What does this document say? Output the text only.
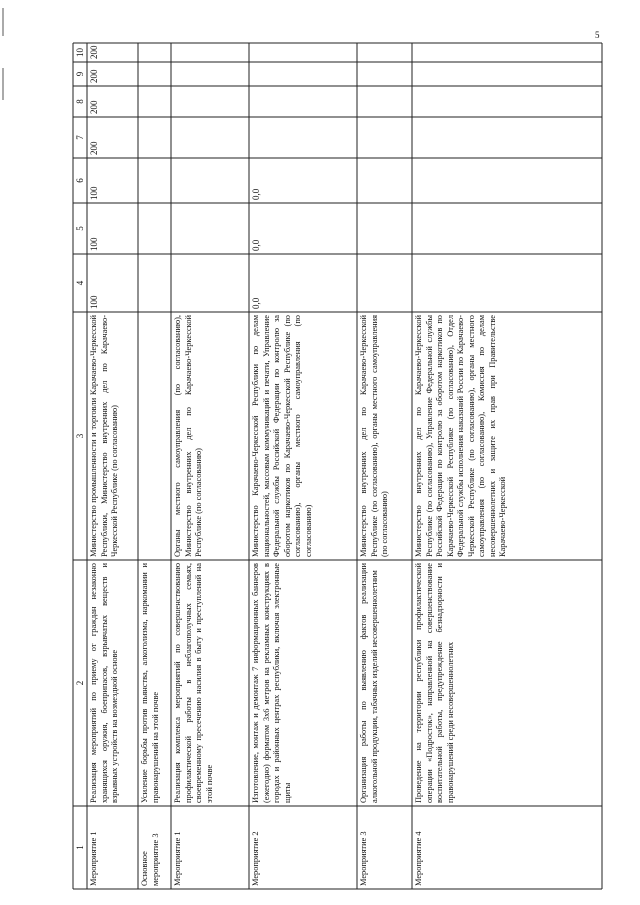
5
1
2
3
4
5
6
7
8
9
10
Мероприятие 1
Реализация мероприятий по приему от граждан незаконно хранящихся оружия, боеприпасов, взрывчатых веществ и взрывных устройств на возмездной основе
Министерство промышленности и торговли Карачаево-Черкесской Республики, Министерство внутренних дел по Карачаево-Черкесской Республике (по согласованию)
100
100
100
200
200
200
200
Основное мероприятие 3
Усиление борьбы против пьянства, алкоголизма, наркомании и правонарушений на этой почве
Мероприятие 1
Реализация комплекса мероприятий по совершенствованию профилактической работы в неблагополучных семьях, своевременному пресечению насилия в быту и преступлений на этой почве
Органы местного самоуправления (по согласованию), Министерство внутренних дел по Карачаево-Черкесской Республике (по согласованию)
Мероприятие 2
Изготовление, монтаж и демонтаж 7 информационных баннеров (ежегодно) форматом 3х6 метров на рекламных конструкциях в городах и районных центрах республики, включая электронные щиты
Министерство Карачаево-Черкесской Республики по делам национальностей, массовым коммуникаций и печати, Управление Федеральной службы Российской Федерации по контролю за оборотом наркотиков по Карачаево-Черкесской Республике (по согласованию), органы местного самоуправления (по согласованию)
0,0
0,0
0,0
Мероприятие 3
Организация работы по выявлению фактов реализации алкогольной продукции, табачных изделий несовершеннолетним
Министерство внутренних дел по Карачаево-Черкесской Республике (по согласованию), органы местного самоуправления (по согласованию)
Мероприятие 4
Проведение на территории республики профилактической операции «Подросток», направленной на совершенствование воспитательной работы, предупреждение безнадзорности и правонарушений среди несовершеннолетних
Министерство внутренних дел по Карачаево-Черкесской Республике (по согласованию), Управление Федеральной службы Российской Федерации по контролю за оборотом наркотиков по Карачаево-Черкесской Республике (по согласованию), Отдел Федеральной службы исполнения наказаний России по Карачаево-Черкесской Республике (по согласованию), органы местного самоуправления (по согласованию), Комиссия по делам несовершеннолетних и защите их прав при Правительстве Карачаево-Черкесской
